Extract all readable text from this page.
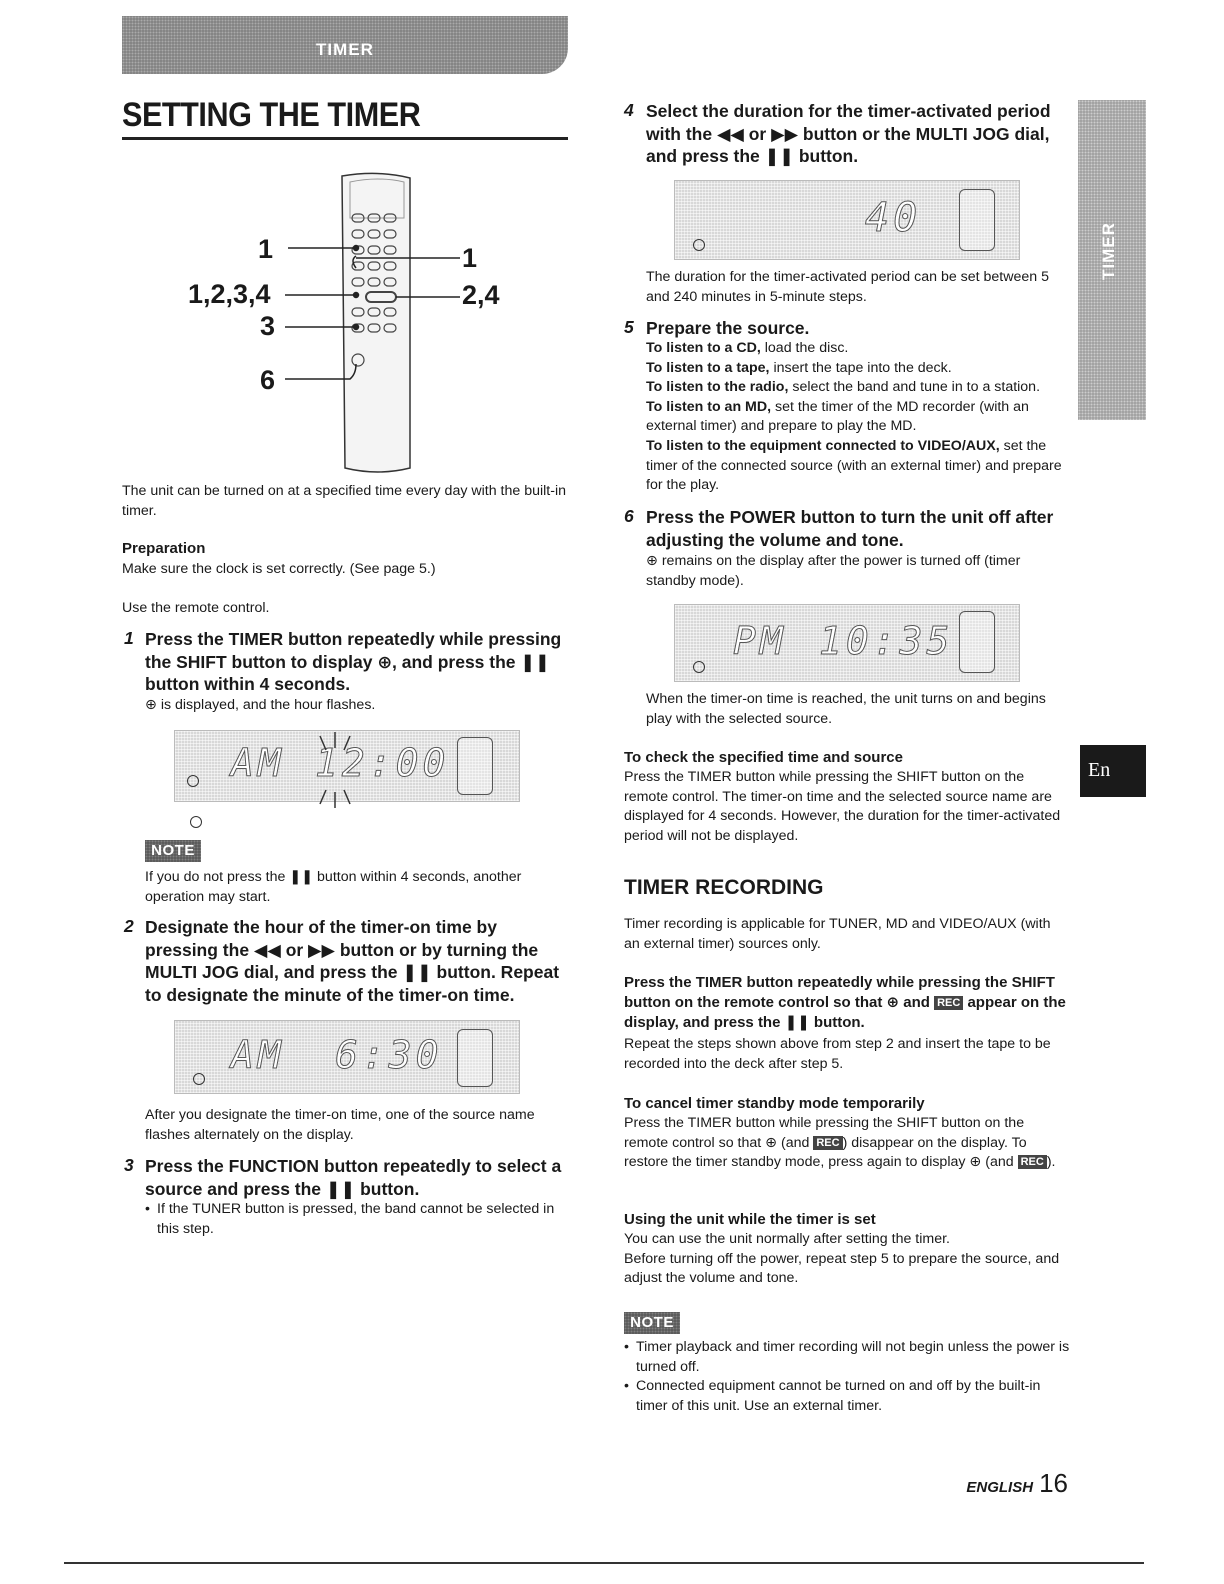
TIMER
SETTING THE TIMER
1
1,2,3,4
3
6
1
2,4

The unit can be turned on at a specified time every day with the built-in timer.

Preparation

Make sure the clock is set correctly. (See page 5.)

Use the remote control.

1 Press the TIMER button repeatedly while pressing the SHIFT button to display ⊕, and press the ❚❚ button within 4 seconds.

⊕ is displayed, and the hour flashes.

AM 12:00
NOTE

If you do not press the ❚❚ button within 4 seconds, another operation may start.

2 Designate the hour of the timer-on time by pressing the ◀◀ or ▶▶ button or by turning the MULTI JOG dial, and press the ❚❚ button. Repeat to designate the minute of the timer-on time.

AM 6:30

After you designate the timer-on time, one of the source name flashes alternately on the display.

3 Press the FUNCTION button repeatedly to select a source and press the ❚❚ button.

• If the TUNER button is pressed, the band cannot be selected in this step.
4 Select the duration for the timer-activated period with the ◀◀ or ▶▶ button or the MULTI JOG dial, and press the ❚❚ button.

40

The duration for the timer-activated period can be set between 5 and 240 minutes in 5-minute steps.

5 Prepare the source.

To listen to a CD, load the disc.

To listen to a tape, insert the tape into the deck.

To listen to the radio, select the band and tune in to a station.

To listen to an MD, set the timer of the MD recorder (with an external timer) and prepare to play the MD.

To listen to the equipment connected to VIDEO/AUX, set the timer of the connected source (with an external timer) and prepare for the play.

6 Press the POWER button to turn the unit off after adjusting the volume and tone.

⊕ remains on the display after the power is turned off (timer standby mode).

PM 10:35

When the timer-on time is reached, the unit turns on and begins play with the selected source.

To check the specified time and source

Press the TIMER button while pressing the SHIFT button on the remote control. The timer-on time and the selected source name are displayed for 4 seconds. However, the duration for the timer-activated period will not be displayed.

TIMER RECORDING

Timer recording is applicable for TUNER, MD and VIDEO/AUX (with an external timer) sources only.

Press the TIMER button repeatedly while pressing the SHIFT button on the remote control so that ⊕ and REC appear on the display, and press the ❚❚ button.

Repeat the steps shown above from step 2 and insert the tape to be recorded into the deck after step 5.

To cancel timer standby mode temporarily

Press the TIMER button while pressing the SHIFT button on the remote control so that ⊕ (and REC ) disappear on the display. To restore the timer standby mode, press again to display ⊕ (and REC ).

Using the unit while the timer is set

You can use the unit normally after setting the timer.
Before turning off the power, repeat step 5 to prepare the source, and adjust the volume and tone.

NOTE
• Timer playback and timer recording will not begin unless the power is turned off.
• Connected equipment cannot be turned on and off by the built-in timer of this unit. Use an external timer.
TIMER
En
ENGLISH 16
